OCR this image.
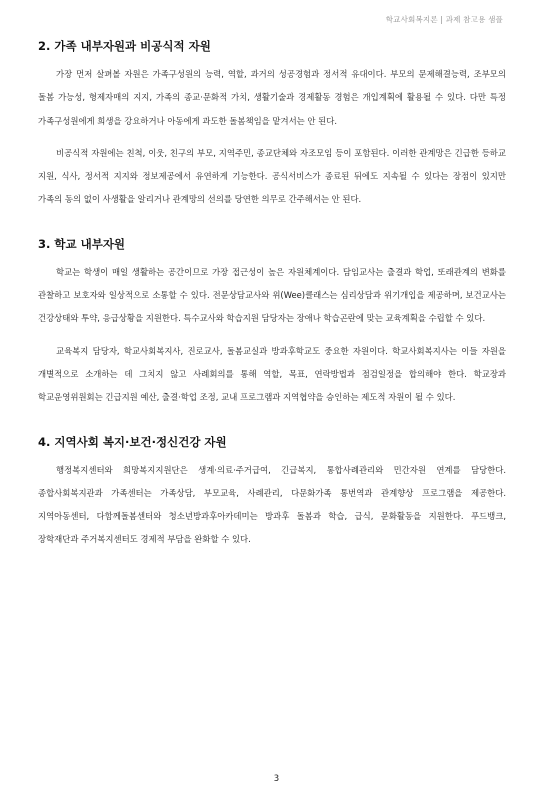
학교사회복지론 | 과제 참고용 샘플
2. 가족 내부자원과 비공식적 자원

가장 먼저 살펴볼 자원은 가족구성원의 능력, 역할, 과거의 성공경험과 정서적 유대이다. 부모의 문제해결능력, 조부모의 돌봄 가능성, 형제자매의 지지, 가족의 종교·문화적 가치, 생활기술과 경제활동 경험은 개입계획에 활용될 수 있다. 다만 특정 가족구성원에게 희생을 강요하거나 아동에게 과도한 돌봄책임을 맡겨서는 안 된다.

비공식적 자원에는 친척, 이웃, 친구의 부모, 지역주민, 종교단체와 자조모임 등이 포함된다. 이러한 관계망은 긴급한 등하교 지원, 식사, 정서적 지지와 정보제공에서 유연하게 기능한다. 공식서비스가 종료된 뒤에도 지속될 수 있다는 장점이 있지만 가족의 동의 없이 사생활을 알리거나 관계망의 선의를 당연한 의무로 간주해서는 안 된다.

3. 학교 내부자원

학교는 학생이 매일 생활하는 공간이므로 가장 접근성이 높은 자원체계이다. 담임교사는 출결과 학업, 또래관계의 변화를 관찰하고 보호자와 일상적으로 소통할 수 있다. 전문상담교사와 위(Wee)클래스는 심리상담과 위기개입을 제공하며, 보건교사는 건강상태와 투약, 응급상황을 지원한다. 특수교사와 학습지원 담당자는 장애나 학습곤란에 맞는 교육계획을 수립할 수 있다.

교육복지 담당자, 학교사회복지사, 진로교사, 돌봄교실과 방과후학교도 중요한 자원이다. 학교사회복지사는 이들 자원을 개별적으로 소개하는 데 그치지 않고 사례회의를 통해 역할, 목표, 연락방법과 점검일정을 합의해야 한다. 학교장과 학교운영위원회는 긴급지원 예산, 출결·학업 조정, 교내 프로그램과 지역협약을 승인하는 제도적 자원이 될 수 있다.

4. 지역사회 복지·보건·정신건강 자원

행정복지센터와 희망복지지원단은 생계·의료·주거급여, 긴급복지, 통합사례관리와 민간자원 연계를 담당한다. 종합사회복지관과 가족센터는 가족상담, 부모교육, 사례관리, 다문화가족 통번역과 관계향상 프로그램을 제공한다. 지역아동센터, 다함께돌봄센터와 청소년방과후아카데미는 방과후 돌봄과 학습, 급식, 문화활동을 지원한다. 푸드뱅크, 장학재단과 주거복지센터도 경제적 부담을 완화할 수 있다.

3
